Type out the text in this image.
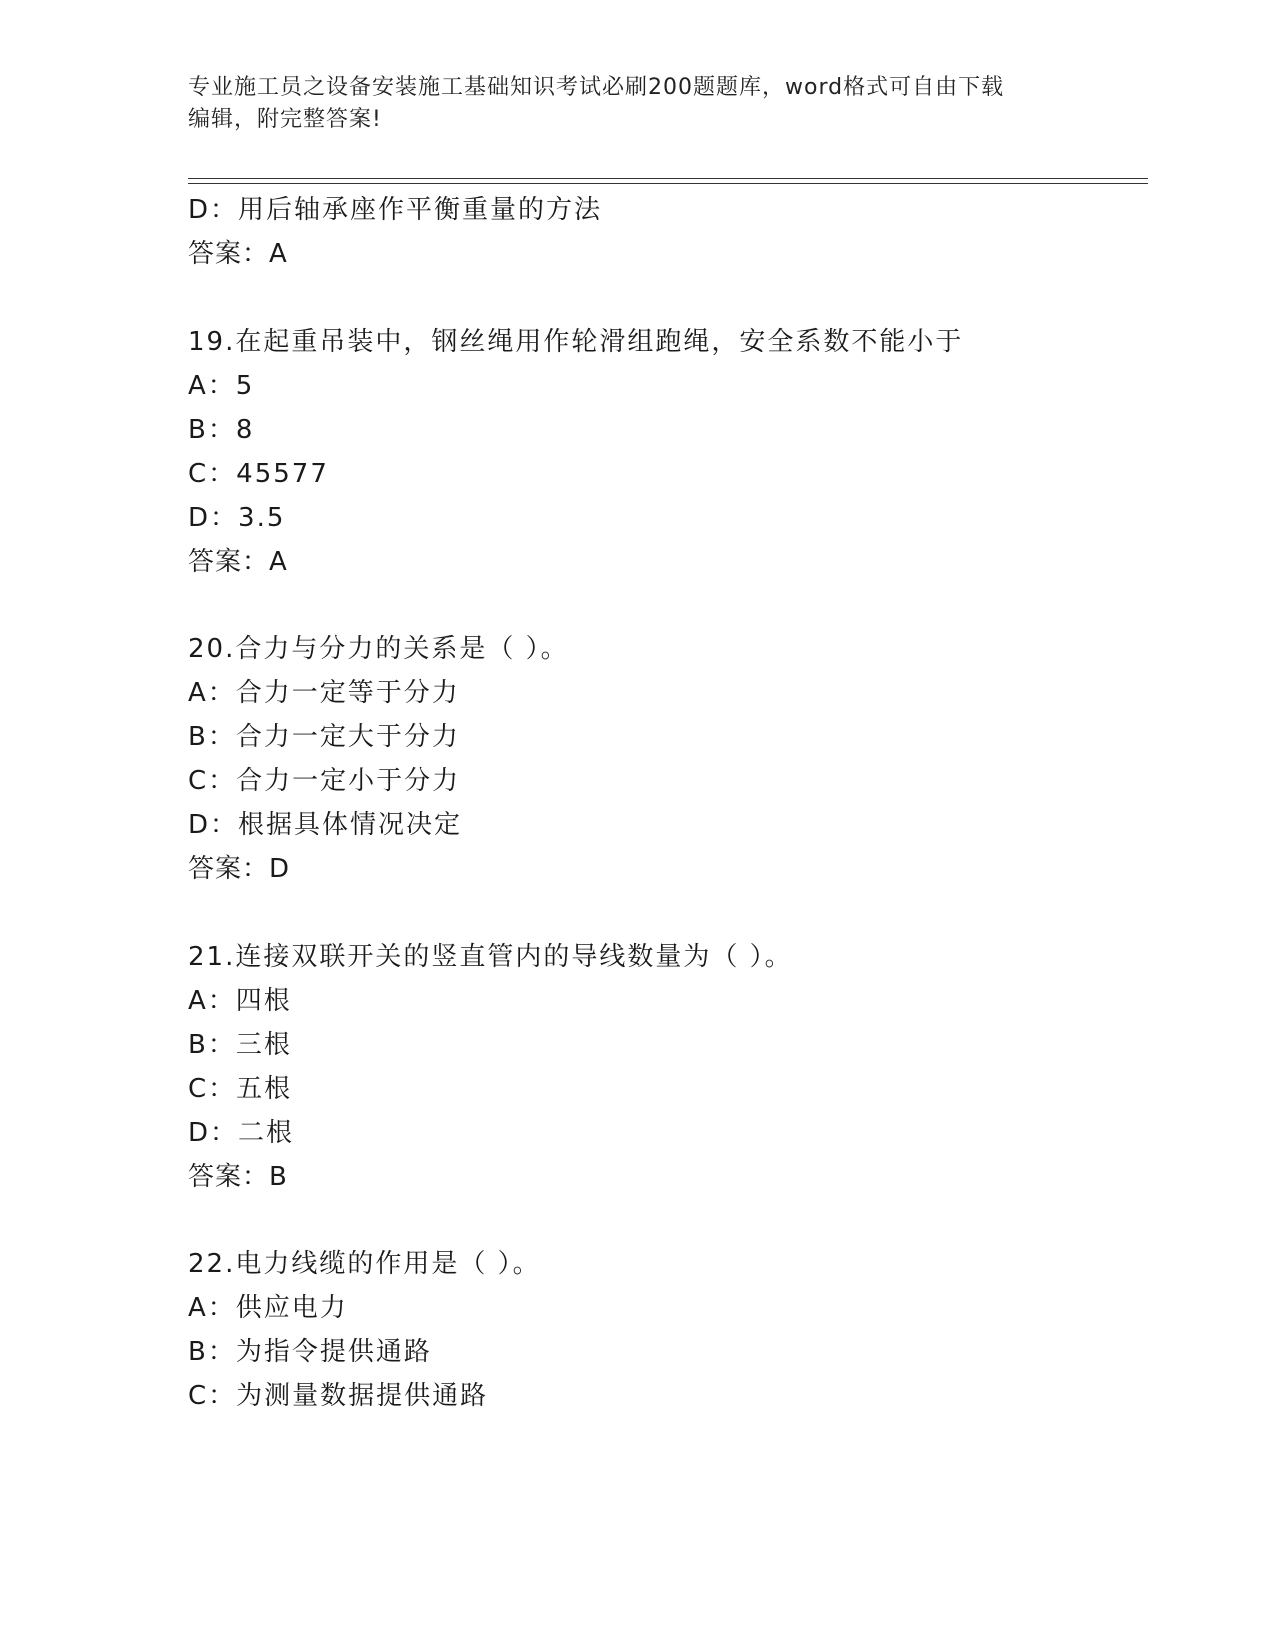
专业施工员之设备安装施工基础知识考试必刷200题题库，word格式可自由下载
编辑，附完整答案!
D：用后轴承座作平衡重量的方法
答案：A
19.在起重吊装中，钢丝绳用作轮滑组跑绳，安全系数不能小于
A：5
B：8
C：45577
D：3.5
答案：A
20.合力与分力的关系是（ ）。
A：合力一定等于分力
B：合力一定大于分力
C：合力一定小于分力
D：根据具体情况决定
答案：D
21.连接双联开关的竖直管内的导线数量为（ ）。
A：四根
B：三根
C：五根
D：二根
答案：B
22.电力线缆的作用是（ ）。
A：供应电力
B：为指令提供通路
C：为测量数据提供通路
